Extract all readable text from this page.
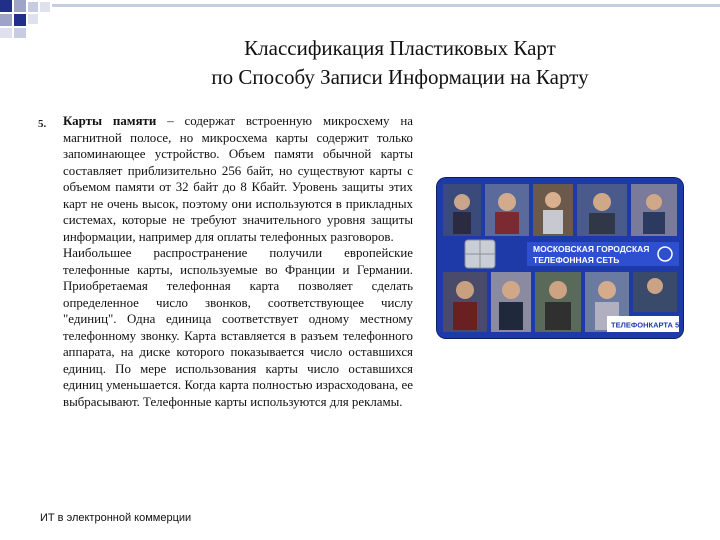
Классификация Пластиковых Карт
по Способу Записи Информации на Карту
5. Карты памяти – содержат встроенную микросхему на магнитной полосе, но микросхема карты содержит только запоминающее устройство. Объем памяти обычной карты составляет приблизительно 256 байт, но существуют карты с объемом памяти от 32 байт до 8 Кбайт. Уровень защиты этих карт не очень высок, поэтому они используются в прикладных системах, которые не требуют значительного уровня защиты информации, например для оплаты телефонных разговоров.

Наибольшее распространение получили европейские телефонные карты, используемые во Франции и Германии. Приобретаемая телефонная карта позволяет сделать определенное число звонков, соответствующее числу "единиц". Одна единица соответствует одному местному телефонному звонку. Карта вставляется в разъем телефонного аппарата, на диске которого показывается число оставшихся единиц. По мере использования карты число оставшихся единиц уменьшается. Когда карта полностью израсходована, ее выбрасывают. Телефонные карты используются для рекламы.

МОСКОВСКАЯ ГОРОДСКАЯ
ТЕЛЕФОННАЯ СЕТЬ
ТЕЛЕФОНКАРТА 50
ИТ в электронной коммерции
